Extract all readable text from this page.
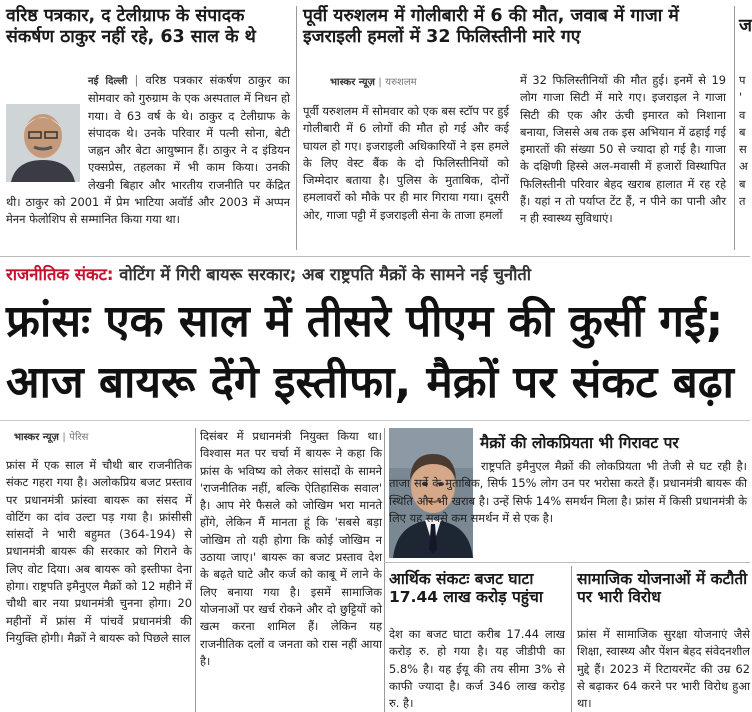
वरिष्ठ पत्रकार, द टेलीग्राफ के संपादक संकर्षण ठाकुर नहीं रहे, 63 साल के थे
नई दिल्ली | वरिष्ठ पत्रकार संकर्षण ठाकुर का सोमवार को गुरुग्राम के एक अस्पताल में निधन हो गया। वे 63 वर्ष के थे। ठाकुर द टेलीग्राफ के संपादक थे। उनके परिवार में पत्नी सोना, बेटी जह्नन और बेटा आयुष्मान हैं। ठाकुर ने द इंडियन एक्सप्रेस, तहलका में भी काम किया। उनकी लेखनी बिहार और भारतीय राजनीति पर केंद्रित थी। ठाकुर को 2001 में प्रेम भाटिया अवॉर्ड और 2003 में अप्पन मेनन फेलोशिप से सम्मानित किया गया था।
पूर्वी यरुशलम में गोलीबारी में 6 की मौत, जवाब में गाजा में इजराइली हमलों में 32 फिलिस्तीनी मारे गए
भास्कर न्यूज़ | यरुशलम
पूर्वी यरुशलम में सोमवार को एक बस स्टॉप पर हुई गोलीबारी में 6 लोगों की मौत हो गई और कई घायल हो गए। इजराइली अधिकारियों ने इस हमले के लिए वेस्ट बैंक के दो फिलिस्तीनियों को जिम्मेदार बताया है। पुलिस के मुताबिक, दोनों हमलावरों को मौके पर ही मार गिराया गया। दूसरी ओर, गाजा पट्टी में इजराइली सेना के ताजा हमलों
में 32 फिलिस्तीनियों की मौत हुई। इनमें से 19 लोग गाजा सिटी में मारे गए। इजराइल ने गाजा सिटी की एक और ऊंची इमारत को निशाना बनाया, जिससे अब तक इस अभियान में ढहाई गई इमारतों की संख्या 50 से ज्यादा हो गई है। गाजा के दक्षिणी हिस्से अल-मवासी में हजारों विस्थापित फिलिस्तीनी परिवार बेहद खराब हालात में रह रहे हैं। यहां न तो पर्याप्त टेंट हैं, न पीने का पानी और न ही स्वास्थ्य सुविधाएं।
ज
प ' व ब स अ ब त
राजनीतिक संकट: वोटिंग में गिरी बायरू सरकार; अब राष्ट्रपति मैक्रों के सामने नई चुनौती
फ्रांसः एक साल में तीसरे पीएम की कुर्सी गई;
आज बायरू देंगे इस्तीफा, मैक्रों पर संकट बढ़ा
भास्कर न्यूज़ | पेरिस
फ्रांस में एक साल में चौथी बार राजनीतिक संकट गहरा गया है। अलोकप्रिय बजट प्रस्ताव पर प्रधानमंत्री फ्रांस्वा बायरू का संसद में वोटिंग का दांव उल्टा पड़ गया है। फ्रांसीसी सांसदों ने भारी बहुमत (364-194) से प्रधानमंत्री बायरू की सरकार को गिराने के लिए वोट दिया। अब बायरू को इस्तीफा देना होगा। राष्ट्रपति इमैनुएल मैक्रों को 12 महीने में चौथी बार नया प्रधानमंत्री चुनना होगा। 20 महीनों में फ्रांस में पांचवें प्रधानमंत्री की नियुक्ति होगी। मैक्रों ने बायरू को पिछले साल
दिसंबर में प्रधानमंत्री नियुक्त किया था। विश्वास मत पर चर्चा में बायरू ने कहा कि फ्रांस के भविष्य को लेकर सांसदों के सामने 'राजनीतिक नहीं, बल्कि ऐतिहासिक सवाल' है। आप मेरे फैसले को जोखिम भरा मानते होंगे, लेकिन मैं मानता हूं कि 'सबसे बड़ा जोखिम तो यही होगा कि कोई जोखिम न उठाया जाए।' बायरू का बजट प्रस्ताव देश के बढ़ते घाटे और कर्ज को काबू में लाने के लिए बनाया गया है। इसमें सामाजिक योजनाओं पर खर्च रोकने और दो छुट्टियों को खत्म करना शामिल हैं। लेकिन यह राजनीतिक दलों व जनता को रास नहीं आया है।
मैक्रों की लोकप्रियता भी गिरावट पर
राष्ट्रपति इमैनुएल मैक्रों की लोकप्रियता भी तेजी से घट रही है। ताजा सर्वे के मुताबिक, सिर्फ 15% लोग उन पर भरोसा करते हैं। प्रधानमंत्री बायरू की स्थिति और भी खराब है। उन्हें सिर्फ 14% समर्थन मिला है। फ्रांस में किसी प्रधानमंत्री के लिए यह सबसे कम समर्थन में से एक है।
आर्थिक संकटः बजट घाटा 17.44 लाख करोड़ पहुंचा
देश का बजट घाटा करीब 17.44 लाख करोड़ रु. हो गया है। यह जीडीपी का 5.8% है। यह ईयू की तय सीमा 3% से काफी ज्यादा है। कर्ज 346 लाख करोड़ रु. है।
सामाजिक योजनाओं में कटौती पर भारी विरोध
फ्रांस में सामाजिक सुरक्षा योजनाएं जैसे शिक्षा, स्वास्थ्य और पेंशन बेहद संवेदनशील मुद्दे हैं। 2023 में रिटायरमेंट की उम्र 62 से बढ़ाकर 64 करने पर भारी विरोध हुआ था।
